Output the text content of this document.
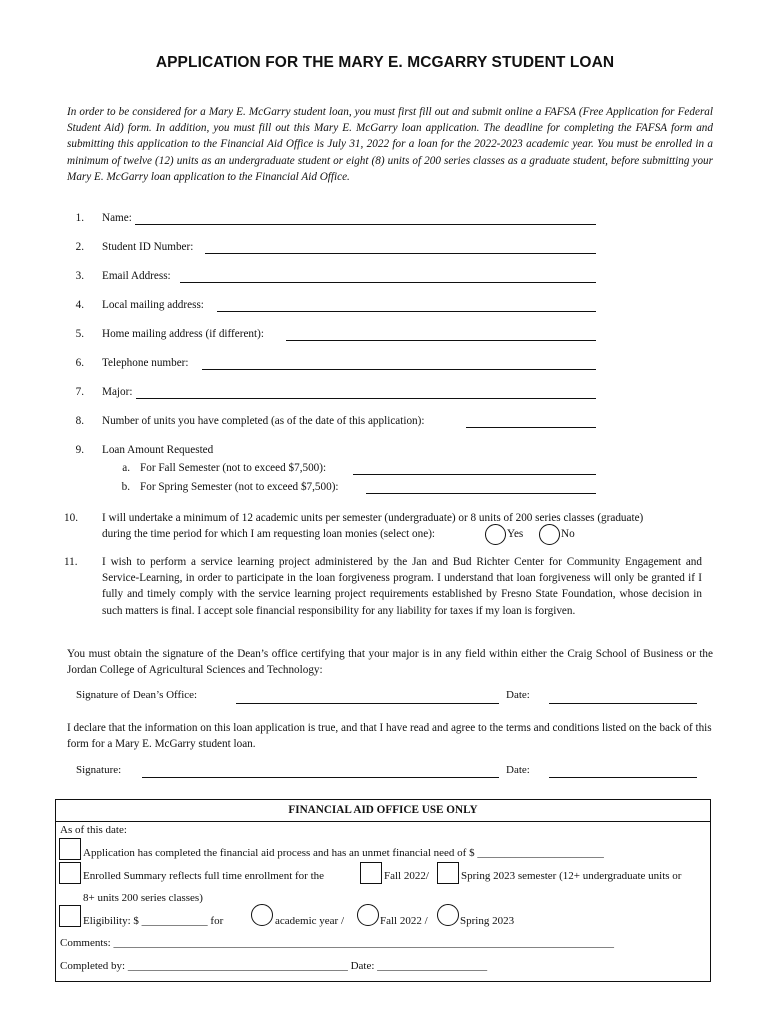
APPLICATION FOR THE MARY E. MCGARRY STUDENT LOAN
In order to be considered for a Mary E. McGarry student loan, you must first fill out and submit online a FAFSA (Free Application for Federal Student Aid) form. In addition, you must fill out this Mary E. McGarry loan application. The deadline for completing the FAFSA form and submitting this application to the Financial Aid Office is July 31, 2022 for a loan for the 2022-2023 academic year. You must be enrolled in a minimum of twelve (12) units as an undergraduate student or eight (8) units of 200 series classes as a graduate student, before submitting your Mary E. McGarry loan application to the Financial Aid Office.
1. Name:
2. Student ID Number:
3. Email Address:
4. Local mailing address:
5. Home mailing address (if different):
6. Telephone number:
7. Major:
8. Number of units you have completed (as of the date of this application):
9. Loan Amount Requested
a. For Fall Semester (not to exceed $7,500):
b. For Spring Semester (not to exceed $7,500):
10. I will undertake a minimum of 12 academic units per semester (undergraduate) or 8 units of 200 series classes (graduate)
during the time period for which I am requesting loan monies (select one):	Yes	No
11. I wish to perform a service learning project administered by the Jan and Bud Richter Center for Community Engagement and Service-Learning, in order to participate in the loan forgiveness program. I understand that loan forgiveness will only be granted if I fully and timely comply with the service learning project requirements established by Fresno State Foundation, whose decision in such matters is final. I accept sole financial responsibility for any liability for taxes if my loan is forgiven.
You must obtain the signature of the Dean’s office certifying that your major is in any field within either the Craig School of Business or the Jordan College of Agricultural Sciences and Technology:
Signature of Dean’s Office:	Date:
I declare that the information on this loan application is true, and that I have read and agree to the terms and conditions listed on the back of this form for a Mary E. McGarry student loan.
Signature:	Date:
FINANCIAL AID OFFICE USE ONLY
As of this date:
Application has completed the financial aid process and has an unmet financial need of $ _______________________
Enrolled Summary reflects full time enrollment for the	Fall 2022/	Spring 2023 semester (12+ undergraduate units or
8+ units 200 series classes)
Eligibility: $ ____________ for	academic year /	Fall 2022 /	Spring 2023
Comments: ___________________________________________________________________________________________
Completed by: ________________________________________ Date: ____________________
